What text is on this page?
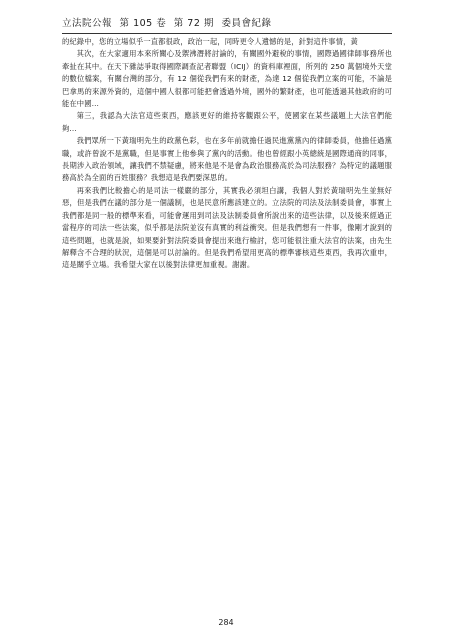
立法院公報 第 105 卷 第 72 期 委員會紀錄

的紀錄中，您的立場似乎一直都很政，政治一起，同時更令人遺憾的是，針對這件事情，黃

其次，在大家適用本來所關心及禦沸潛將討論的，有關國外避稅的事情，國際過國律師事務所也牽扯在其中。在天下雜誌爭取得國際調查記者聯盟（ICIJ）的資料庫裡面，所列的 250 萬個境外天堂的數位檔案，有關台灣的部分，有 12 個從我們有來的財產，為達 12 個從我們立案的可能，不論是巴拿馬的來源外資的，這個中國人很都可能把會透過外境，國外的繁財產，也可能透過其他政府的可能在中國…

第三，我認為大法官這些東西，應該更好的維持客觀跟公平，使國家在某些議題上大法官們能夠…

我們眾所一下黃瑞明先生的政黨色彩，也在多年前就擔任過民進黨黨內的律師委員，他擔任過黨職，或許曾說不是黨職，但是事實上他參與了黨內的活動。他也曾經跟小英總統是國際通商的同事，長期涉入政治領域，讓我們不禁疑慮，將來他是不是會為政治服務高於為司法服務？為特定的議題服務高於為全面的百姓服務？我想這是我們要深思的。

再來我們比較擔心的是司法一樣嚴的部分，其實我必須坦白講，我個人對於黃瑞明先生並無好惡，但是我們在議的部分是一個議制，也是民意所應該建立的。立法院的司法及法制委員會，事實上我們都是同一般的標準來看，可能會運用到司法及法制委員會所說出來的這些法律，以及後來經過正當程序的司法一些法案，似乎都是法院並沒有真實的利益衝突。但是我們想有一件事，像剛才說到的這些問題，也就是說，如果要針對法院委員會提出來進行檢討，您可能很注重大法官的法案，由先生解釋含不合理的狀況，這個是可以討論的。但是我們希望用更高的標準審核這些東西，我再次重申，這是關乎立場。我希望大家在以後對法律更加重視。謝謝。

284
